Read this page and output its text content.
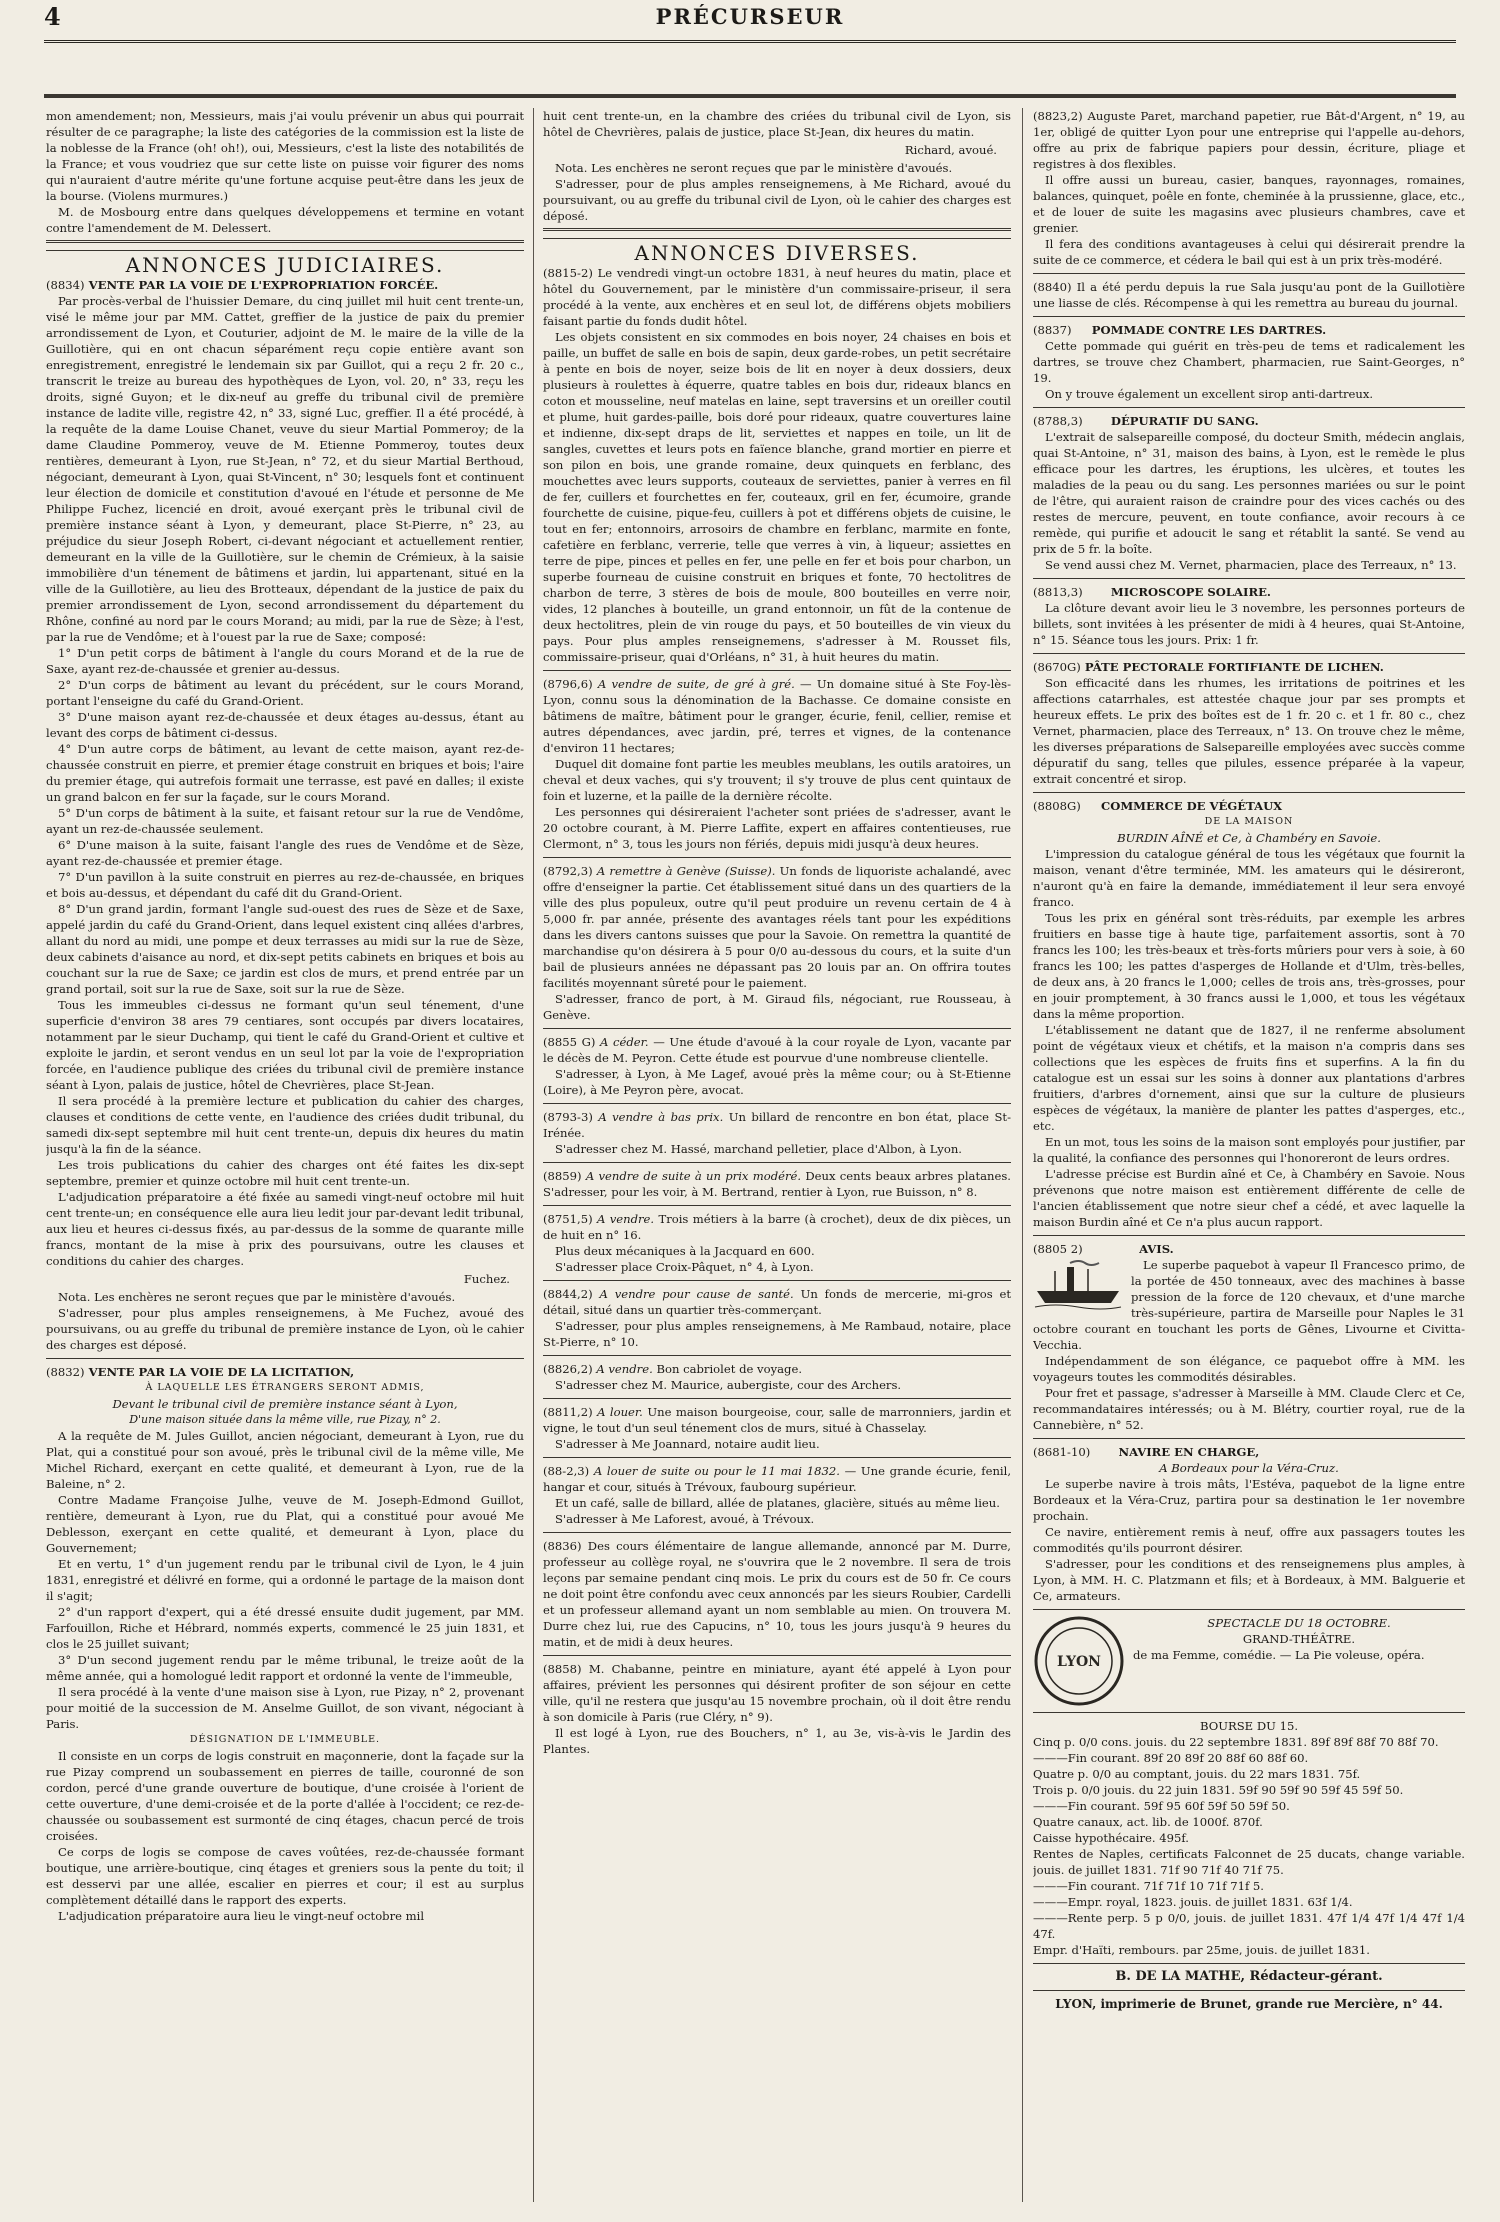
4	PRÉCURSEUR

mon amendement; non, Messieurs, mais j'ai voulu prévenir un abus qui pourrait résulter de ce paragraphe; la liste des catégories de la commission est la liste de la noblesse de la France (oh! oh!), oui, Messieurs, c'est la liste des notabilités de la France; et vous voudriez que sur cette liste on puisse voir figurer des noms qui n'auraient d'autre mérite qu'une fortune acquise peut-être dans les jeux de la bourse. (Violens murmures.)

M. de Mosbourg entre dans quelques développemens et termine en votant contre l'amendement de M. Delessert.

ANNONCES JUDICIAIRES.
(8834) VENTE PAR LA VOIE DE L'EXPROPRIATION FORCÉE.

Par procès-verbal de l'huissier Demare, du cinq juillet mil huit cent trente-un, visé le même jour par MM. Cattet, greffier de la justice de paix du premier arrondissement de Lyon, et Couturier, adjoint de M. le maire de la ville de la Guillotière, qui en ont chacun séparément reçu copie entière avant son enregistrement, enregistré le lendemain six par Guillot, qui a reçu 2 fr. 20 c., transcrit le treize au bureau des hypothèques de Lyon, vol. 20, n° 33, reçu les droits, signé Guyon; et le dix-neuf au greffe du tribunal civil de première instance de ladite ville, registre 42, n° 33, signé Luc, greffier. Il a été procédé, à la requête de la dame Louise Chanet, veuve du sieur Martial Pommeroy; de la dame Claudine Pommeroy, veuve de M. Etienne Pommeroy, toutes deux rentières, demeurant à Lyon, rue St-Jean, n° 72, et du sieur Martial Berthoud, négociant, demeurant à Lyon, quai St-Vincent, n° 30; lesquels font et continuent leur élection de domicile et constitution d'avoué en l'étude et personne de Me Philippe Fuchez, licencié en droit, avoué exerçant près le tribunal civil de première instance séant à Lyon, y demeurant, place St-Pierre, n° 23, au préjudice du sieur Joseph Robert, ci-devant négociant et actuellement rentier, demeurant en la ville de la Guillotière, sur le chemin de Crémieux, à la saisie immobilière d'un ténement de bâtimens et jardin, lui appartenant, situé en la ville de la Guillotière, au lieu des Brotteaux, dépendant de la justice de paix du premier arrondissement de Lyon, second arrondissement du département du Rhône, confiné au nord par le cours Morand; au midi, par la rue de Sèze; à l'est, par la rue de Vendôme; et à l'ouest par la rue de Saxe; composé:

1° D'un petit corps de bâtiment à l'angle du cours Morand et de la rue de Saxe, ayant rez-de-chaussée et grenier au-dessus.

2° D'un corps de bâtiment au levant du précédent, sur le cours Morand, portant l'enseigne du café du Grand-Orient.

3° D'une maison ayant rez-de-chaussée et deux étages au-dessus, étant au levant des corps de bâtiment ci-dessus.

4° D'un autre corps de bâtiment, au levant de cette maison, ayant rez-de-chaussée construit en pierre, et premier étage construit en briques et bois; l'aire du premier étage, qui autrefois formait une terrasse, est pavé en dalles; il existe un grand balcon en fer sur la façade, sur le cours Morand.

5° D'un corps de bâtiment à la suite, et faisant retour sur la rue de Vendôme, ayant un rez-de-chaussée seulement.

6° D'une maison à la suite, faisant l'angle des rues de Vendôme et de Sèze, ayant rez-de-chaussée et premier étage.

7° D'un pavillon à la suite construit en pierres au rez-de-chaussée, en briques et bois au-dessus, et dépendant du café dit du Grand-Orient.

8° D'un grand jardin, formant l'angle sud-ouest des rues de Sèze et de Saxe, appelé jardin du café du Grand-Orient, dans lequel existent cinq allées d'arbres, allant du nord au midi, une pompe et deux terrasses au midi sur la rue de Sèze, deux cabinets d'aisance au nord, et dix-sept petits cabinets en briques et bois au couchant sur la rue de Saxe; ce jardin est clos de murs, et prend entrée par un grand portail, soit sur la rue de Saxe, soit sur la rue de Sèze.

Tous les immeubles ci-dessus ne formant qu'un seul ténement, d'une superficie d'environ 38 ares 79 centiares, sont occupés par divers locataires, notamment par le sieur Duchamp, qui tient le café du Grand-Orient et cultive et exploite le jardin, et seront vendus en un seul lot par la voie de l'expropriation forcée, en l'audience publique des criées du tribunal civil de première instance séant à Lyon, palais de justice, hôtel de Chevrières, place St-Jean.

Il sera procédé à la première lecture et publication du cahier des charges, clauses et conditions de cette vente, en l'audience des criées dudit tribunal, du samedi dix-sept septembre mil huit cent trente-un, depuis dix heures du matin jusqu'à la fin de la séance.

Les trois publications du cahier des charges ont été faites les dix-sept septembre, premier et quinze octobre mil huit cent trente-un.

L'adjudication préparatoire a été fixée au samedi vingt-neuf octobre mil huit cent trente-un; en conséquence elle aura lieu ledit jour par-devant ledit tribunal, aux lieu et heures ci-dessus fixés, au par-dessus de la somme de quarante mille francs, montant de la mise à prix des poursuivans, outre les clauses et conditions du cahier des charges.

Fuchez.

Nota. Les enchères ne seront reçues que par le ministère d'avoués.

S'adresser, pour plus amples renseignemens, à Me Fuchez, avoué des poursuivans, ou au greffe du tribunal de première instance de Lyon, où le cahier des charges est déposé.

(8832) VENTE PAR LA VOIE DE LA LICITATION,
À LAQUELLE LES ÉTRANGERS SERONT ADMIS,
Devant le tribunal civil de première instance séant à Lyon,
D'une maison située dans la même ville, rue Pizay, n° 2.

A la requête de M. Jules Guillot, ancien négociant, demeurant à Lyon, rue du Plat, qui a constitué pour son avoué, près le tribunal civil de la même ville, Me Michel Richard, exerçant en cette qualité, et demeurant à Lyon, rue de la Baleine, n° 2.

Contre Madame Françoise Julhe, veuve de M. Joseph-Edmond Guillot, rentière, demeurant à Lyon, rue du Plat, qui a constitué pour avoué Me Deblesson, exerçant en cette qualité, et demeurant à Lyon, place du Gouvernement;

Et en vertu, 1° d'un jugement rendu par le tribunal civil de Lyon, le 4 juin 1831, enregistré et délivré en forme, qui a ordonné le partage de la maison dont il s'agit;

2° d'un rapport d'expert, qui a été dressé ensuite dudit jugement, par MM. Farfouillon, Riche et Hébrard, nommés experts, commencé le 25 juin 1831, et clos le 25 juillet suivant;

3° D'un second jugement rendu par le même tribunal, le treize août de la même année, qui a homologué ledit rapport et ordonné la vente de l'immeuble,

Il sera procédé à la vente d'une maison sise à Lyon, rue Pizay, n° 2, provenant pour moitié de la succession de M. Anselme Guillot, de son vivant, négociant à Paris.

DÉSIGNATION DE L'IMMEUBLE.

Il consiste en un corps de logis construit en maçonnerie, dont la façade sur la rue Pizay comprend un soubassement en pierres de taille, couronné de son cordon, percé d'une grande ouverture de boutique, d'une croisée à l'orient de cette ouverture, d'une demi-croisée et de la porte d'allée à l'occident; ce rez-de-chaussée ou soubassement est surmonté de cinq étages, chacun percé de trois croisées.

Ce corps de logis se compose de caves voûtées, rez-de-chaussée formant boutique, une arrière-boutique, cinq étages et greniers sous la pente du toit; il est desservi par une allée, escalier en pierres et cour; il est au surplus complètement détaillé dans le rapport des experts.

L'adjudication préparatoire aura lieu le vingt-neuf octobre mil

huit cent trente-un, en la chambre des criées du tribunal civil de Lyon, sis hôtel de Chevrières, palais de justice, place St-Jean, dix heures du matin.

Richard, avoué.

Nota. Les enchères ne seront reçues que par le ministère d'avoués.

S'adresser, pour de plus amples renseignemens, à Me Richard, avoué du poursuivant, ou au greffe du tribunal civil de Lyon, où le cahier des charges est déposé.

ANNONCES DIVERSES.

(8815-2) Le vendredi vingt-un octobre 1831, à neuf heures du matin, place et hôtel du Gouvernement, par le ministère d'un commissaire-priseur, il sera procédé à la vente, aux enchères et en seul lot, de différens objets mobiliers faisant partie du fonds dudit hôtel.

Les objets consistent en six commodes en bois noyer, 24 chaises en bois et paille, un buffet de salle en bois de sapin, deux garde-robes, un petit secrétaire à pente en bois de noyer, seize bois de lit en noyer à deux dossiers, deux plusieurs à roulettes à équerre, quatre tables en bois dur, rideaux blancs en coton et mousseline, neuf matelas en laine, sept traversins et un oreiller coutil et plume, huit gardes-paille, bois doré pour rideaux, quatre couvertures laine et indienne, dix-sept draps de lit, serviettes et nappes en toile, un lit de sangles, cuvettes et leurs pots en faïence blanche, grand mortier en pierre et son pilon en bois, une grande romaine, deux quinquets en ferblanc, des mouchettes avec leurs supports, couteaux de serviettes, panier à verres en fil de fer, cuillers et fourchettes en fer, couteaux, gril en fer, écumoire, grande fourchette de cuisine, pique-feu, cuillers à pot et différens objets de cuisine, le tout en fer; entonnoirs, arrosoirs de chambre en ferblanc, marmite en fonte, cafetière en ferblanc, verrerie, telle que verres à vin, à liqueur; assiettes en terre de pipe, pinces et pelles en fer, une pelle en fer et bois pour charbon, un superbe fourneau de cuisine construit en briques et fonte, 70 hectolitres de charbon de terre, 3 stères de bois de moule, 800 bouteilles en verre noir, vides, 12 planches à bouteille, un grand entonnoir, un fût de la contenue de deux hectolitres, plein de vin rouge du pays, et 50 bouteilles de vin vieux du pays. Pour plus amples renseignemens, s'adresser à M. Rousset fils, commissaire-priseur, quai d'Orléans, n° 31, à huit heures du matin.

(8796,6) A vendre de suite, de gré à gré. — Un domaine situé à Ste Foy-lès-Lyon, connu sous la dénomination de la Bachasse. Ce domaine consiste en bâtimens de maître, bâtiment pour le granger, écurie, fenil, cellier, remise et autres dépendances, avec jardin, pré, terres et vignes, de la contenance d'environ 11 hectares;

Duquel dit domaine font partie les meubles meublans, les outils aratoires, un cheval et deux vaches, qui s'y trouvent; il s'y trouve de plus cent quintaux de foin et luzerne, et la paille de la dernière récolte.

Les personnes qui désireraient l'acheter sont priées de s'adresser, avant le 20 octobre courant, à M. Pierre Laffite, expert en affaires contentieuses, rue Clermont, n° 3, tous les jours non fériés, depuis midi jusqu'à deux heures.

(8792,3) A remettre à Genève (Suisse). Un fonds de liquoriste achalandé, avec offre d'enseigner la partie. Cet établissement situé dans un des quartiers de la ville des plus populeux, outre qu'il peut produire un revenu certain de 4 à 5,000 fr. par année, présente des avantages réels tant pour les expéditions dans les divers cantons suisses que pour la Savoie. On remettra la quantité de marchandise qu'on désirera à 5 pour 0/0 au-dessous du cours, et la suite d'un bail de plusieurs années ne dépassant pas 20 louis par an. On offrira toutes facilités moyennant sûreté pour le paiement.

S'adresser, franco de port, à M. Giraud fils, négociant, rue Rousseau, à Genève.

(8855 G) A céder. — Une étude d'avoué à la cour royale de Lyon, vacante par le décès de M. Peyron. Cette étude est pourvue d'une nombreuse clientelle.

S'adresser, à Lyon, à Me Lagef, avoué près la même cour; ou à St-Etienne (Loire), à Me Peyron père, avocat.

(8793-3) A vendre à bas prix. Un billard de rencontre en bon état, place St-Irénée.

S'adresser chez M. Hassé, marchand pelletier, place d'Albon, à Lyon.

(8859) A vendre de suite à un prix modéré. Deux cents beaux arbres platanes. S'adresser, pour les voir, à M. Bertrand, rentier à Lyon, rue Buisson, n° 8.

(8751,5) A vendre. Trois métiers à la barre (à crochet), deux de dix pièces, un de huit en n° 16.

Plus deux mécaniques à la Jacquard en 600.

S'adresser place Croix-Pâquet, n° 4, à Lyon.

(8844,2) A vendre pour cause de santé. Un fonds de mercerie, mi-gros et détail, situé dans un quartier très-commerçant.

S'adresser, pour plus amples renseignemens, à Me Rambaud, notaire, place St-Pierre, n° 10.

(8826,2) A vendre. Bon cabriolet de voyage.

S'adresser chez M. Maurice, aubergiste, cour des Archers.

(8811,2) A louer. Une maison bourgeoise, cour, salle de marronniers, jardin et vigne, le tout d'un seul ténement clos de murs, situé à Chasselay.

S'adresser à Me Joannard, notaire audit lieu.

(88-2,3) A louer de suite ou pour le 11 mai 1832. — Une grande écurie, fenil, hangar et cour, situés à Trévoux, faubourg supérieur.

Et un café, salle de billard, allée de platanes, glacière, situés au même lieu.

S'adresser à Me Laforest, avoué, à Trévoux.

(8836) Des cours élémentaire de langue allemande, annoncé par M. Durre, professeur au collège royal, ne s'ouvrira que le 2 novembre. Il sera de trois leçons par semaine pendant cinq mois. Le prix du cours est de 50 fr. Ce cours ne doit point être confondu avec ceux annoncés par les sieurs Roubier, Cardelli et un professeur allemand ayant un nom semblable au mien. On trouvera M. Durre chez lui, rue des Capucins, n° 10, tous les jours jusqu'à 9 heures du matin, et de midi à deux heures.

(8858) M. Chabanne, peintre en miniature, ayant été appelé à Lyon pour affaires, prévient les personnes qui désirent profiter de son séjour en cette ville, qu'il ne restera que jusqu'au 15 novembre prochain, où il doit être rendu à son domicile à Paris (rue Cléry, n° 9).

Il est logé à Lyon, rue des Bouchers, n° 1, au 3e, vis-à-vis le Jardin des Plantes.

(8823,2) Auguste Paret, marchand papetier, rue Bât-d'Argent, n° 19, au 1er, obligé de quitter Lyon pour une entreprise qui l'appelle au-dehors, offre au prix de fabrique papiers pour dessin, écriture, pliage et registres à dos flexibles.

Il offre aussi un bureau, casier, banques, rayonnages, romaines, balances, quinquet, poêle en fonte, cheminée à la prussienne, glace, etc., et de louer de suite les magasins avec plusieurs chambres, cave et grenier.

Il fera des conditions avantageuses à celui qui désirerait prendre la suite de ce commerce, et cédera le bail qui est à un prix très-modéré.

(8840) Il a été perdu depuis la rue Sala jusqu'au pont de la Guillotière une liasse de clés. Récompense à qui les remettra au bureau du journal.

(8837) POMMADE CONTRE LES DARTRES.

Cette pommade qui guérit en très-peu de tems et radicalement les dartres, se trouve chez Chambert, pharmacien, rue Saint-Georges, n° 19.

On y trouve également un excellent sirop anti-dartreux.

(8788,3) DÉPURATIF DU SANG.

L'extrait de salsepareille composé, du docteur Smith, médecin anglais, quai St-Antoine, n° 31, maison des bains, à Lyon, est le remède le plus efficace pour les dartres, les éruptions, les ulcères, et toutes les maladies de la peau ou du sang. Les personnes mariées ou sur le point de l'être, qui auraient raison de craindre pour des vices cachés ou des restes de mercure, peuvent, en toute confiance, avoir recours à ce remède, qui purifie et adoucit le sang et rétablit la santé. Se vend au prix de 5 fr. la boîte.

Se vend aussi chez M. Vernet, pharmacien, place des Terreaux, n° 13.

(8813,3) MICROSCOPE SOLAIRE.

La clôture devant avoir lieu le 3 novembre, les personnes porteurs de billets, sont invitées à les présenter de midi à 4 heures, quai St-Antoine, n° 15. Séance tous les jours. Prix: 1 fr.

(8670G) PÂTE PECTORALE FORTIFIANTE DE LICHEN.

Son efficacité dans les rhumes, les irritations de poitrines et les affections catarrhales, est attestée chaque jour par ses prompts et heureux effets. Le prix des boîtes est de 1 fr. 20 c. et 1 fr. 80 c., chez Vernet, pharmacien, place des Terreaux, n° 13. On trouve chez le même, les diverses préparations de Salsepareille employées avec succès comme dépuratif du sang, telles que pilules, essence préparée à la vapeur, extrait concentré et sirop.

(8808G) COMMERCE DE VÉGÉTAUX
DE LA MAISON
BURDIN AÎNÉ et Ce, à Chambéry en Savoie.

L'impression du catalogue général de tous les végétaux que fournit la maison, venant d'être terminée, MM. les amateurs qui le désireront, n'auront qu'à en faire la demande, immédiatement il leur sera envoyé franco.

Tous les prix en général sont très-réduits, par exemple les arbres fruitiers en basse tige à haute tige, parfaitement assortis, sont à 70 francs les 100; les très-beaux et très-forts mûriers pour vers à soie, à 60 francs les 100; les pattes d'asperges de Hollande et d'Ulm, très-belles, de deux ans, à 20 francs le 1,000; celles de trois ans, très-grosses, pour en jouir promptement, à 30 francs aussi le 1,000, et tous les végétaux dans la même proportion.

L'établissement ne datant que de 1827, il ne renferme absolument point de végétaux vieux et chétifs, et la maison n'a compris dans ses collections que les espèces de fruits fins et superfins. A la fin du catalogue est un essai sur les soins à donner aux plantations d'arbres fruitiers, d'arbres d'ornement, ainsi que sur la culture de plusieurs espèces de végétaux, la manière de planter les pattes d'asperges, etc., etc.

En un mot, tous les soins de la maison sont employés pour justifier, par la qualité, la confiance des personnes qui l'honoreront de leurs ordres.

L'adresse précise est Burdin aîné et Ce, à Chambéry en Savoie. Nous prévenons que notre maison est entièrement différente de celle de l'ancien établissement que notre sieur chef a cédé, et avec laquelle la maison Burdin aîné et Ce n'a plus aucun rapport.

(8805 2)	AVIS.

Le superbe paquebot à vapeur Il Francesco primo, de la portée de 450 tonneaux, avec des machines à basse pression de la force de 120 chevaux, et d'une marche très-supérieure, partira de Marseille pour Naples le 31 octobre courant en touchant les ports de Gênes, Livourne et Civitta-Vecchia.

Indépendamment de son élégance, ce paquebot offre à MM. les voyageurs toutes les commodités désirables.

Pour fret et passage, s'adresser à Marseille à MM. Claude Clerc et Ce, recommandataires intéressés; ou à M. Blétry, courtier royal, rue de la Cannebière, n° 52.

(8681-10) NAVIRE EN CHARGE,
A Bordeaux pour la Véra-Cruz.

Le superbe navire à trois mâts, l'Estéva, paquebot de la ligne entre Bordeaux et la Véra-Cruz, partira pour sa destination le 1er novembre prochain.

Ce navire, entièrement remis à neuf, offre aux passagers toutes les commodités qu'ils pourront désirer.

S'adresser, pour les conditions et des renseignemens plus amples, à Lyon, à MM. H. C. Platzmann et fils; et à Bordeaux, à MM. Balguerie et Ce, armateurs.

LYON
SPECTACLE DU 18 OCTOBRE.
GRAND-THÉÂTRE.

de ma Femme, comédie. — La Pie voleuse, opéra.

BOURSE DU 15.

Cinq p. 0/0 cons. jouis. du 22 septembre 1831. 89f 89f 88f 70 88f 70.

———Fin courant. 89f 20 89f 20 88f 60 88f 60.

Quatre p. 0/0 au comptant, jouis. du 22 mars 1831. 75f.

Trois p. 0/0 jouis. du 22 juin 1831. 59f 90 59f 90 59f 45 59f 50.

———Fin courant. 59f 95 60f 59f 50 59f 50.

Quatre canaux, act. lib. de 1000f. 870f.

Caisse hypothécaire. 495f.

Rentes de Naples, certificats Falconnet de 25 ducats, change variable. jouis. de juillet 1831. 71f 90 71f 40 71f 75.

———Fin courant. 71f 71f 10 71f 71f 5.

———Empr. royal, 1823. jouis. de juillet 1831. 63f 1/4.

———Rente perp. 5 p 0/0, jouis. de juillet 1831. 47f 1/4 47f 1/4 47f 1/4 47f.

Empr. d'Haïti, rembours. par 25me, jouis. de juillet 1831.

B. DE LA MATHE, Rédacteur-gérant.
LYON, imprimerie de Brunet, grande rue Mercière, n° 44.
